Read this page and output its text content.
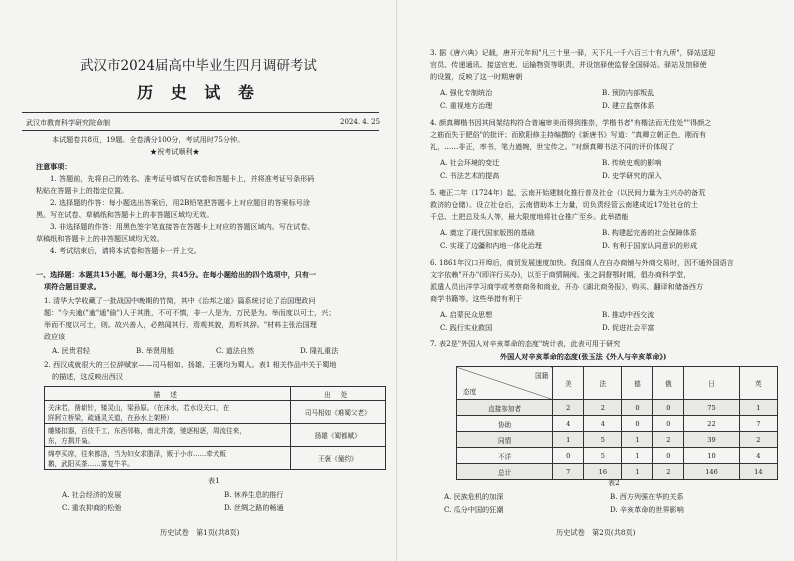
武汉市2024届高中毕业生四月调研考试
历 史 试 卷
武汉市教育科学研究院命制	2024. 4. 25
本试题卷共8页，19题。全卷满分100分，考试用时75分钟。
★祝考试顺利★
注意事项：
1. 答题前，先将自己的姓名、准考证号填写在试卷和答题卡上，并将准考证号条形码
粘贴在答题卡上的指定位置。
2. 选择题的作答：每小题选出答案后，用2B铅笔把答题卡上对应题目的答案标号涂
黑。写在试卷、草稿纸和答题卡上的非答题区域均无效。
3. 非选择题的作答：用黑色签字笔直接答在答题卡上对应的答题区域内。写在试卷、
草稿纸和答题卡上的非答题区域均无效。
4. 考试结束后，请将本试卷和答题卡一并上交。
一、选择题：本题共15小题，每小题3分，共45分。在每小题给出的四个选项中，只有一
项符合题目要求。
1. 清华大学收藏了一批战国中晚期的竹简，其中《治邦之道》篇系统讨论了治国理政问
题："今夫逾("逾"通"偷")人于其胜，不可不慎，非一人是为，万民是为。举而度以可士，兴；
举而不度以可士，则。故兴善人，必熟闻其行，焉观其貌，焉听其辞。"材料主张治国理
政应该
A. 民贵君轻	B. 举贤用能	C. 道法自然	D. 隆礼重法
2. 西汉成就很大的三位辞赋家——司马相如、扬雄、王褒均为蜀人。表1 相关作品中关于蜀地
的描述，这反映出西汉
描 述	出 处

关沫若，凿崭针，镂灵山，梁孙原。（在沫水，若水设关口，在
牂牁立桥梁，疏通灵关道，在孙水上架桥）	司马相如《难蜀父老》

雕镂扣器，百伎千工，东西邻栋，南北并凑，驰逐相逐，周流往来，
东，方揖并枭。	扬雄《蜀都赋》

绵亭买席，往来都洛，当为妇女求脂泽，贩于小市……牵犬贩
鹅，武阳买茶……雾复牛羊。	王褒《僮约》
表1
A. 社会经济的发展	B. 休养生息的推行
C. 重农抑商的松弛	D. 丝绸之路的畅通
历史试卷　第1页(共8页)
3. 据《唐六典》记载，唐开元年间"凡三十里一驿，天下凡一千六百三十有九所"，驿站送迎
官员、传递通讯、接送官吏、运输物资等职责，并设馆驿使监督全国驿站。驿站及馆驿使
的设置，反映了这一时期唐朝
A. 强化专制统治	B. 预防内部叛乱
C. 重视地方治理	D. 建立监察体系
4. 颜真卿楷书因其间架结构符合普遍审美而得到推崇，学楷书者"有楷法而无佳处""得颜之
之筋而失于肥俗"的批评；而欧阳修主持编撰的《新唐书》写道："真卿立朝正色，刚而有
礼，……非正，率书，笔力遒婉，世宝传之。"对颜真卿书法不同的评价体现了
A. 社会环境的变迁	B. 传统史观的影响
C. 书法艺术的提高	D. 史学研究的深入
5. 雍正二年（1724年）起，云南开始建制化推行普及社仓（以民间力量为主兴办的备荒
救济的仓储）。设立社仓后，云南借助本土力量，切负责经管云南建成近17处社仓的土
千总、土把总及头人等，最大限度地将社仓推广至乡。此举措能
A. 奠定了现代国家版图的基础	B. 构建起完善的社会保障体系
C. 实现了边疆和内地一体化治理	D. 有利于国家认同意识的形成
6. 1861年汉口开埠后，商贸发展速度加快。我国商人在自办商铺与外商交易时，因不通外国语言
文字依赖"开办"(即洋行买办)，以至于商情隔阂。张之洞督鄂时期，倡办商科学堂，
派遣人员出洋学习商学或考察商务和商业，开办《湖北商务报》，购买、翻译和储备西方
商学书籍等。这些举措有利于
A. 启蒙民众思想	B. 推动中西交流
C. 践行实业救国	D. 促进社会平富
7. 表2是"外国人对辛亥革命的态度"统计表，此表可用于研究
外国人对辛亥革命的态度(张玉法《外人与辛亥革命》)
国籍
态度	美	法	德	俄	日	英
直接参加者	2	2	0	0	75	1
协助	4	4	0	0	22	7
同情	1	5	1	2	39	2
不详	0	5	1	0	10	4
总计	7	16	1	2	146	14
表2
A. 民族危机的加深	B. 西方列强在华的关系
C. 瓜分中国的狂潮	D. 辛亥革命的世界影响
历史试卷　第2页(共8页)
